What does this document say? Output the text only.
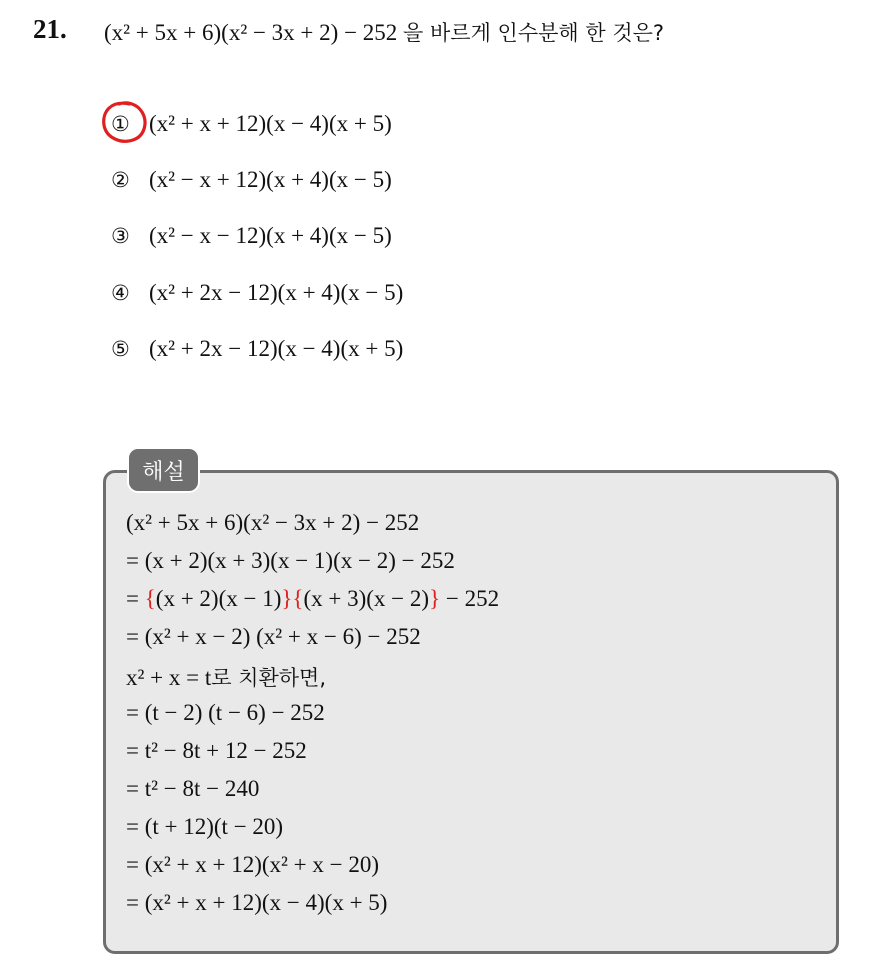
21. (x² + 5x + 6)(x² − 3x + 2) − 252 을 바르게 인수분해 한 것은?
① (x² + x + 12)(x − 4)(x + 5)
② (x² − x + 12)(x + 4)(x − 5)
③ (x² − x − 12)(x + 4)(x − 5)
④ (x² + 2x − 12)(x + 4)(x − 5)
⑤ (x² + 2x − 12)(x − 4)(x + 5)
해설
(x² + 5x + 6)(x² − 3x + 2) − 252
= (x + 2)(x + 3)(x − 1)(x − 2) − 252
= {(x + 2)(x − 1)}{(x + 3)(x − 2)} − 252
= (x² + x − 2) (x² + x − 6) − 252
x² + x = t로 치환하면,
= (t − 2) (t − 6) − 252
= t² − 8t + 12 − 252
= t² − 8t − 240
= (t + 12)(t − 20)
= (x² + x + 12)(x² + x − 20)
= (x² + x + 12)(x − 4)(x + 5)
